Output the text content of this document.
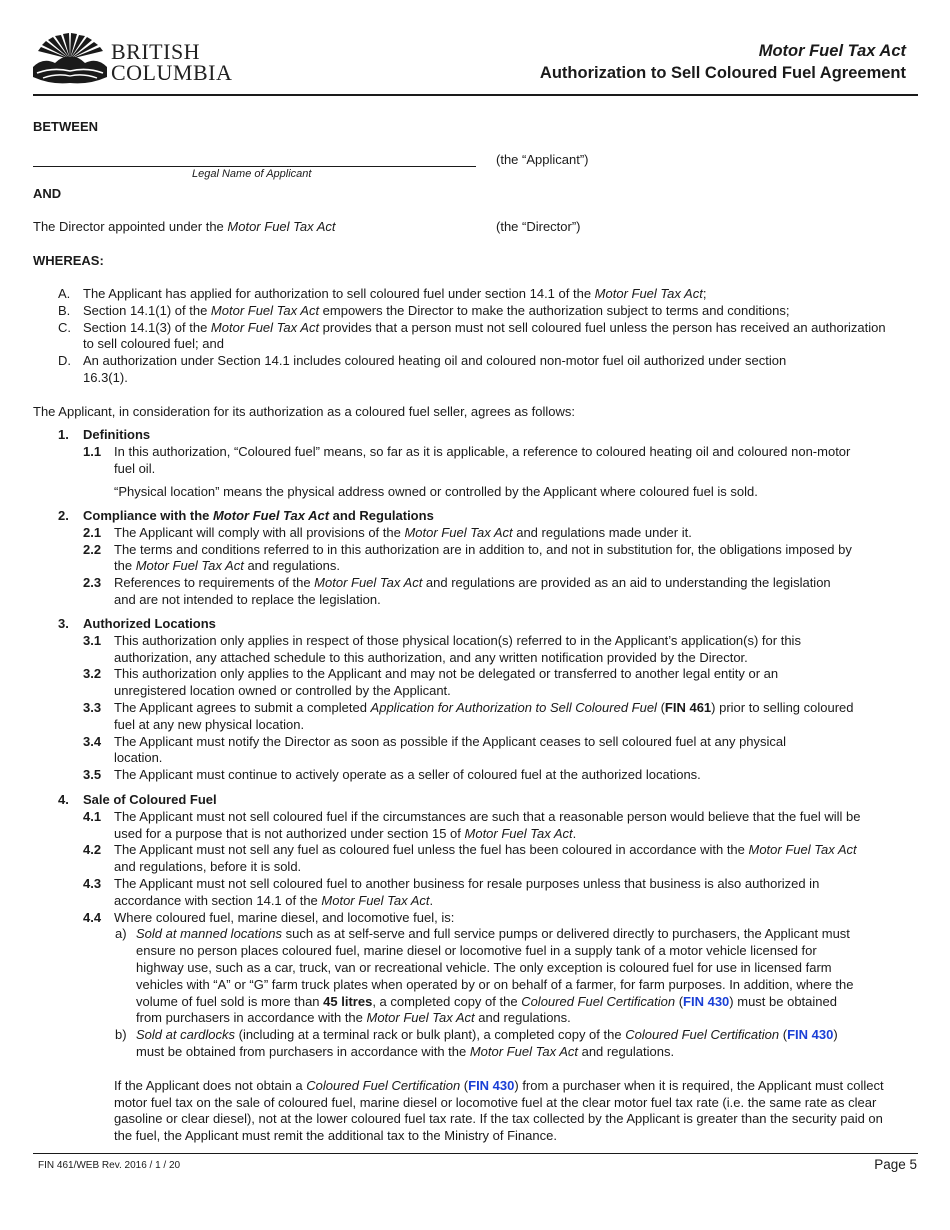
BRITISH
COLUMBIA
Motor Fuel Tax Act
Authorization to Sell Coloured Fuel Agreement
BETWEEN
Legal Name of Applicant
(the “Applicant”)
AND
The Director appointed under the Motor Fuel Tax Act	(the “Director”)
WHEREAS:
A. The Applicant has applied for authorization to sell coloured fuel under section 14.1 of the Motor Fuel Tax Act;
B. Section 14.1(1) of the Motor Fuel Tax Act empowers the Director to make the authorization subject to terms and conditions;
C. Section 14.1(3) of the Motor Fuel Tax Act provides that a person must not sell coloured fuel unless the person has received an authorization to sell coloured fuel; and
D. An authorization under Section 14.1 includes coloured heating oil and coloured non-motor fuel oil authorized under section 16.3(1).
The Applicant, in consideration for its authorization as a coloured fuel seller, agrees as follows:
1. Definitions
1.1 In this authorization, “Coloured fuel” means, so far as it is applicable, a reference to coloured heating oil and coloured non-motor fuel oil.

“Physical location” means the physical address owned or controlled by the Applicant where coloured fuel is sold.

2. Compliance with the Motor Fuel Tax Act and Regulations
2.1 The Applicant will comply with all provisions of the Motor Fuel Tax Act and regulations made under it.

2.2 The terms and conditions referred to in this authorization are in addition to, and not in substitution for, the obligations imposed by the Motor Fuel Tax Act and regulations.

2.3 References to requirements of the Motor Fuel Tax Act and regulations are provided as an aid to understanding the legislation and are not intended to replace the legislation.

3. Authorized Locations
3.1 This authorization only applies in respect of those physical location(s) referred to in the Applicant’s application(s) for this authorization, any attached schedule to this authorization, and any written notification provided by the Director.

3.2 This authorization only applies to the Applicant and may not be delegated or transferred to another legal entity or an unregistered location owned or controlled by the Applicant.

3.3 The Applicant agrees to submit a completed Application for Authorization to Sell Coloured Fuel (FIN 461) prior to selling coloured fuel at any new physical location.

3.4 The Applicant must notify the Director as soon as possible if the Applicant ceases to sell coloured fuel at any physical location.

3.5 The Applicant must continue to actively operate as a seller of coloured fuel at the authorized locations.

4. Sale of Coloured Fuel
4.1 The Applicant must not sell coloured fuel if the circumstances are such that a reasonable person would believe that the fuel will be used for a purpose that is not authorized under section 15 of Motor Fuel Tax Act.

4.2 The Applicant must not sell any fuel as coloured fuel unless the fuel has been coloured in accordance with the Motor Fuel Tax Act and regulations, before it is sold.

4.3 The Applicant must not sell coloured fuel to another business for resale purposes unless that business is also authorized in accordance with section 14.1 of the Motor Fuel Tax Act.

4.4 Where coloured fuel, marine diesel, and locomotive fuel, is:

a) Sold at manned locations such as at self-serve and full service pumps or delivered directly to purchasers, the Applicant must ensure no person places coloured fuel, marine diesel or locomotive fuel in a supply tank of a motor vehicle licensed for highway use, such as a car, truck, van or recreational vehicle. The only exception is coloured fuel for use in licensed farm vehicles with “A” or “G” farm truck plates when operated by or on behalf of a farmer, for farm purposes. In addition, where the volume of fuel sold is more than 45 litres, a completed copy of the Coloured Fuel Certification (FIN 430) must be obtained from purchasers in accordance with the Motor Fuel Tax Act and regulations.
b) Sold at cardlocks (including at a terminal rack or bulk plant), a completed copy of the Coloured Fuel Certification (FIN 430) must be obtained from purchasers in accordance with the Motor Fuel Tax Act and regulations.

If the Applicant does not obtain a Coloured Fuel Certification (FIN 430) from a purchaser when it is required, the Applicant must collect motor fuel tax on the sale of coloured fuel, marine diesel or locomotive fuel at the clear motor fuel tax rate (i.e. the same rate as clear gasoline or clear diesel), not at the lower coloured fuel tax rate. If the tax collected by the Applicant is greater than the security paid on the fuel, the Applicant must remit the additional tax to the Ministry of Finance.

FIN 461/WEB Rev. 2016 / 1 / 20	Page 5
